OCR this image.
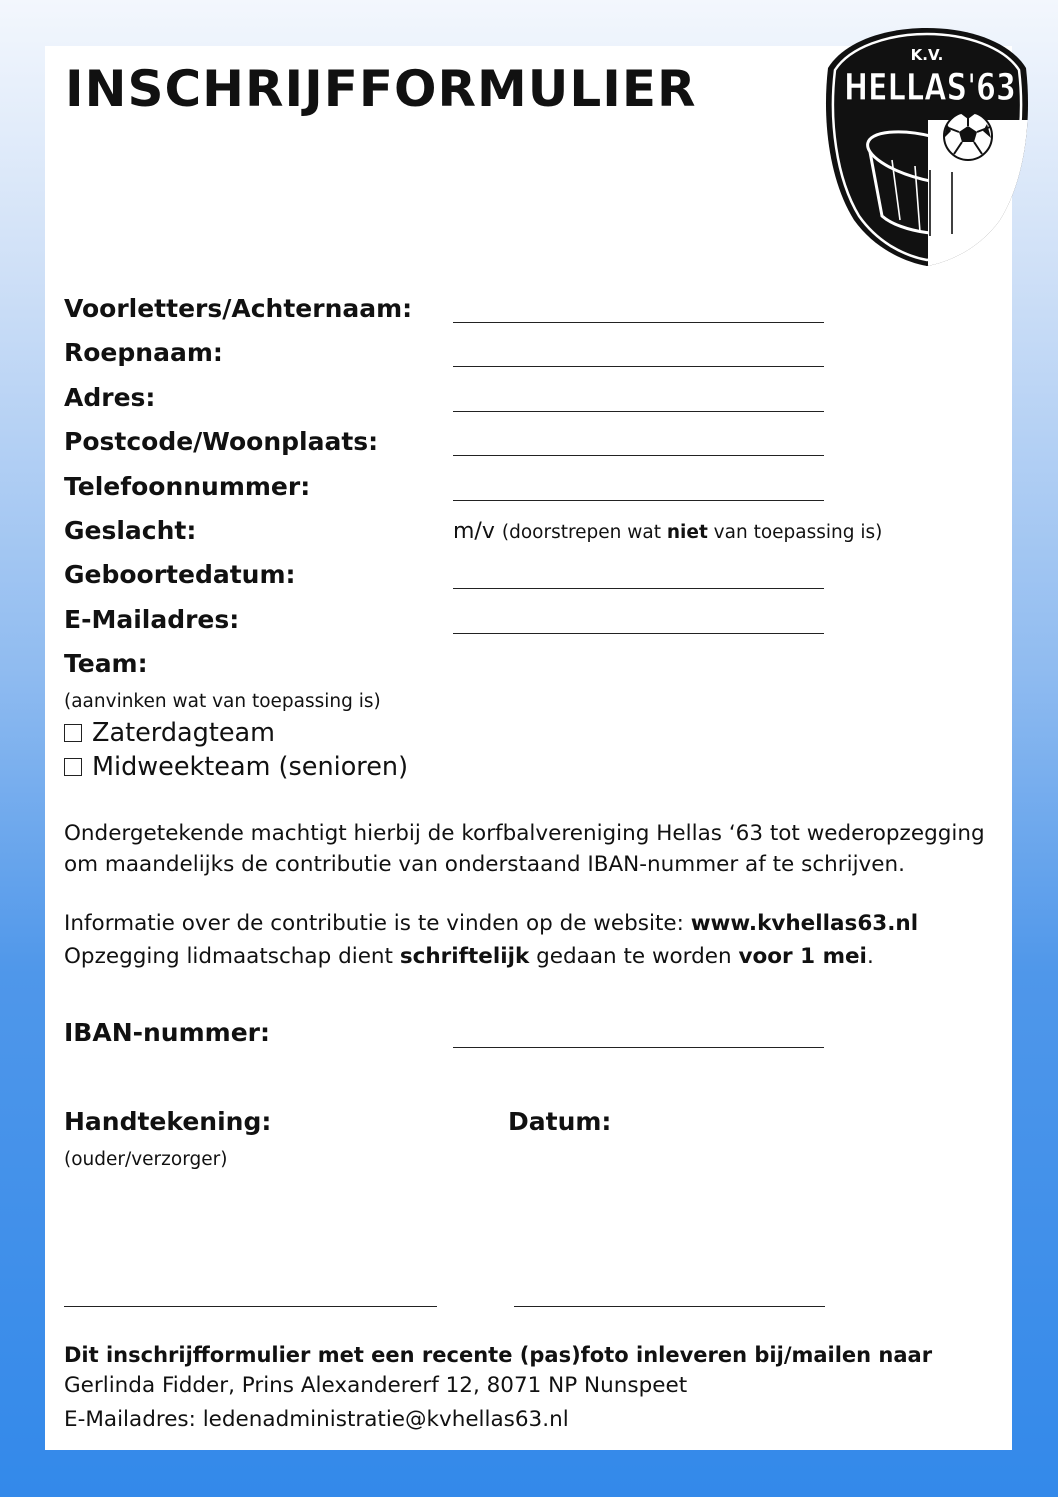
INSCHRIJFFORMULIER
K.V.
HELLAS'63
Voorletters/Achternaam:
Roepnaam:
Adres:
Postcode/Woonplaats:
Telefoonnummer:
Geslacht:	m/v (doorstrepen wat niet van toepassing is)
Geboortedatum:
E-Mailadres:
Team:
(aanvinken wat van toepassing is)
Zaterdagteam
Midweekteam (senioren)
Ondergetekende machtigt hierbij de korfbalvereniging Hellas ‘63 tot wederopzegging
om maandelijks de contributie van onderstaand IBAN-nummer af te schrijven.
Informatie over de contributie is te vinden op de website: www.kvhellas63.nl
Opzegging lidmaatschap dient schriftelijk gedaan te worden voor 1 mei.
IBAN-nummer:
Handtekening:
(ouder/verzorger)
Datum:
Dit inschrijfformulier met een recente (pas)foto inleveren bij/mailen naar
Gerlinda Fidder, Prins Alexandererf 12, 8071 NP Nunspeet
E-Mailadres: ledenadministratie@kvhellas63.nl
